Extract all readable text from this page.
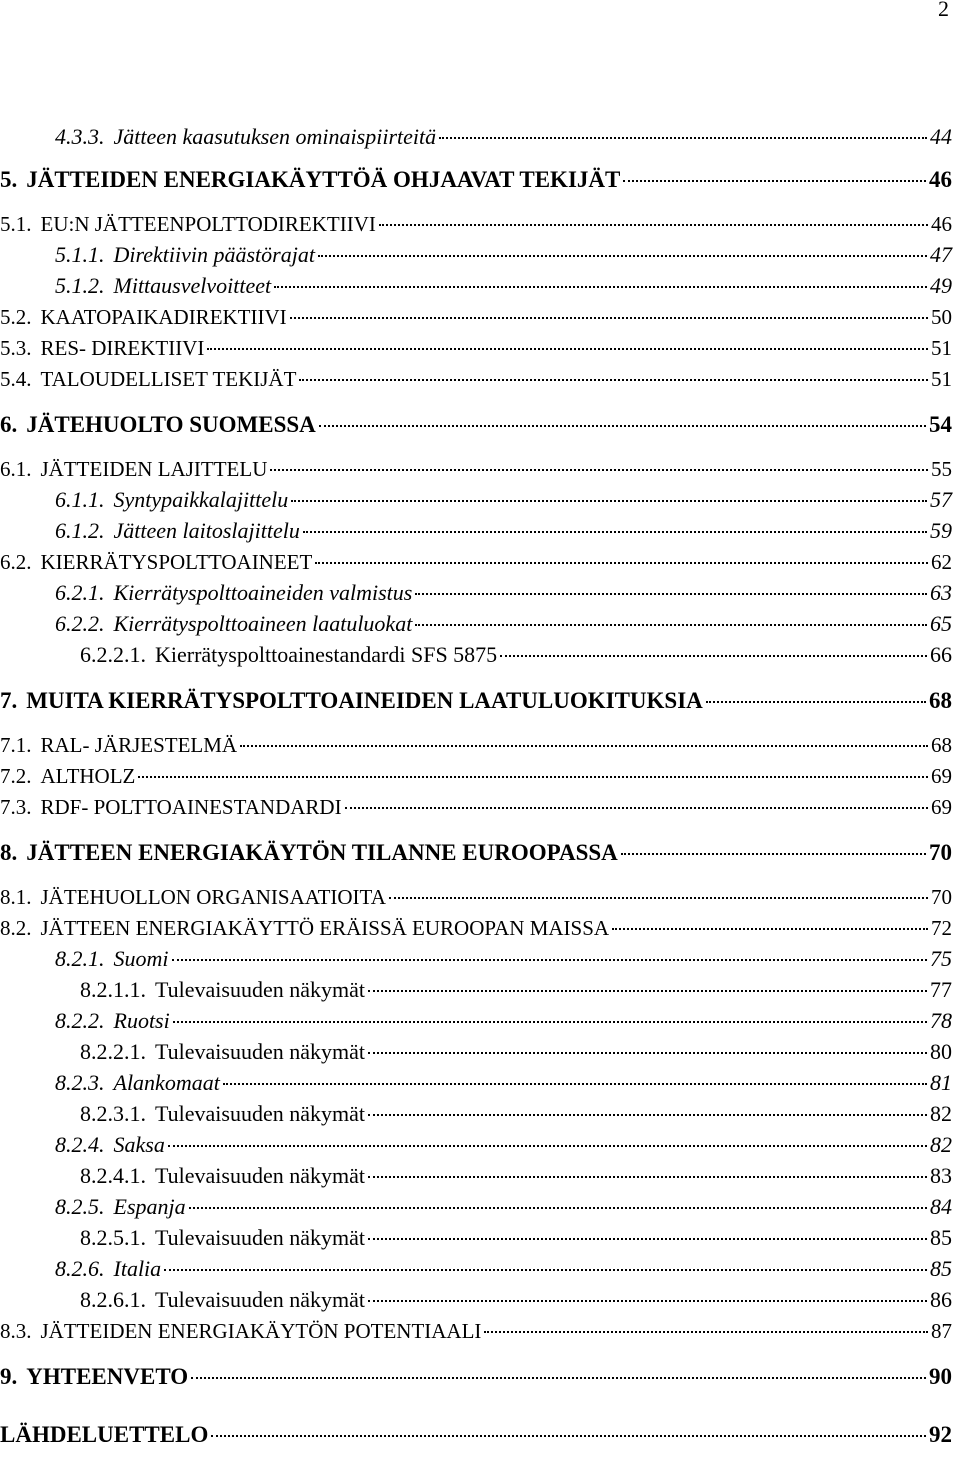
2
4.3.3. Jätteen kaasutuksen ominaispiirteitä	44
5. JÄTTEIDEN ENERGIAKÄYTTÖÄ OHJAAVAT TEKIJÄT	46
5.1. EU:N JÄTTEENPOLTTODIREKTIIVI	46
5.1.1. Direktiivin päästörajat	47
5.1.2. Mittausvelvoitteet	49
5.2. KAATOPAIKADIREKTIIVI	50
5.3. RES- DIREKTIIVI	51
5.4. TALOUDELLISET TEKIJÄT	51
6. JÄTEHUOLTO SUOMESSA	54
6.1. JÄTTEIDEN LAJITTELU	55
6.1.1. Syntypaikkalajittelu	57
6.1.2. Jätteen laitoslajittelu	59
6.2. KIERRÄTYSPOLTTOAINEET	62
6.2.1. Kierrätyspolttoaineiden valmistus	63
6.2.2. Kierrätyspolttoaineen laatuluokat	65
6.2.2.1. Kierrätyspolttoainestandardi SFS 5875	66
7. MUITA KIERRÄTYSPOLTTOAINEIDEN LAATULUOKITUKSIA	68
7.1. RAL- JÄRJESTELMÄ	68
7.2. ALTHOLZ	69
7.3. RDF- POLTTOAINESTANDARDI	69
8. JÄTTEEN ENERGIAKÄYTÖN TILANNE EUROOPASSA	70
8.1. JÄTEHUOLLON ORGANISAATIOITA	70
8.2. JÄTTEEN ENERGIAKÄYTTÖ ERÄISSÄ EUROOPAN MAISSA	72
8.2.1. Suomi	75
8.2.1.1. Tulevaisuuden näkymät	77
8.2.2. Ruotsi	78
8.2.2.1. Tulevaisuuden näkymät	80
8.2.3. Alankomaat	81
8.2.3.1. Tulevaisuuden näkymät	82
8.2.4. Saksa	82
8.2.4.1. Tulevaisuuden näkymät	83
8.2.5. Espanja	84
8.2.5.1. Tulevaisuuden näkymät	85
8.2.6. Italia	85
8.2.6.1. Tulevaisuuden näkymät	86
8.3. JÄTTEIDEN ENERGIAKÄYTÖN POTENTIAALI	87
9. YHTEENVETO	90
LÄHDELUETTELO	92
